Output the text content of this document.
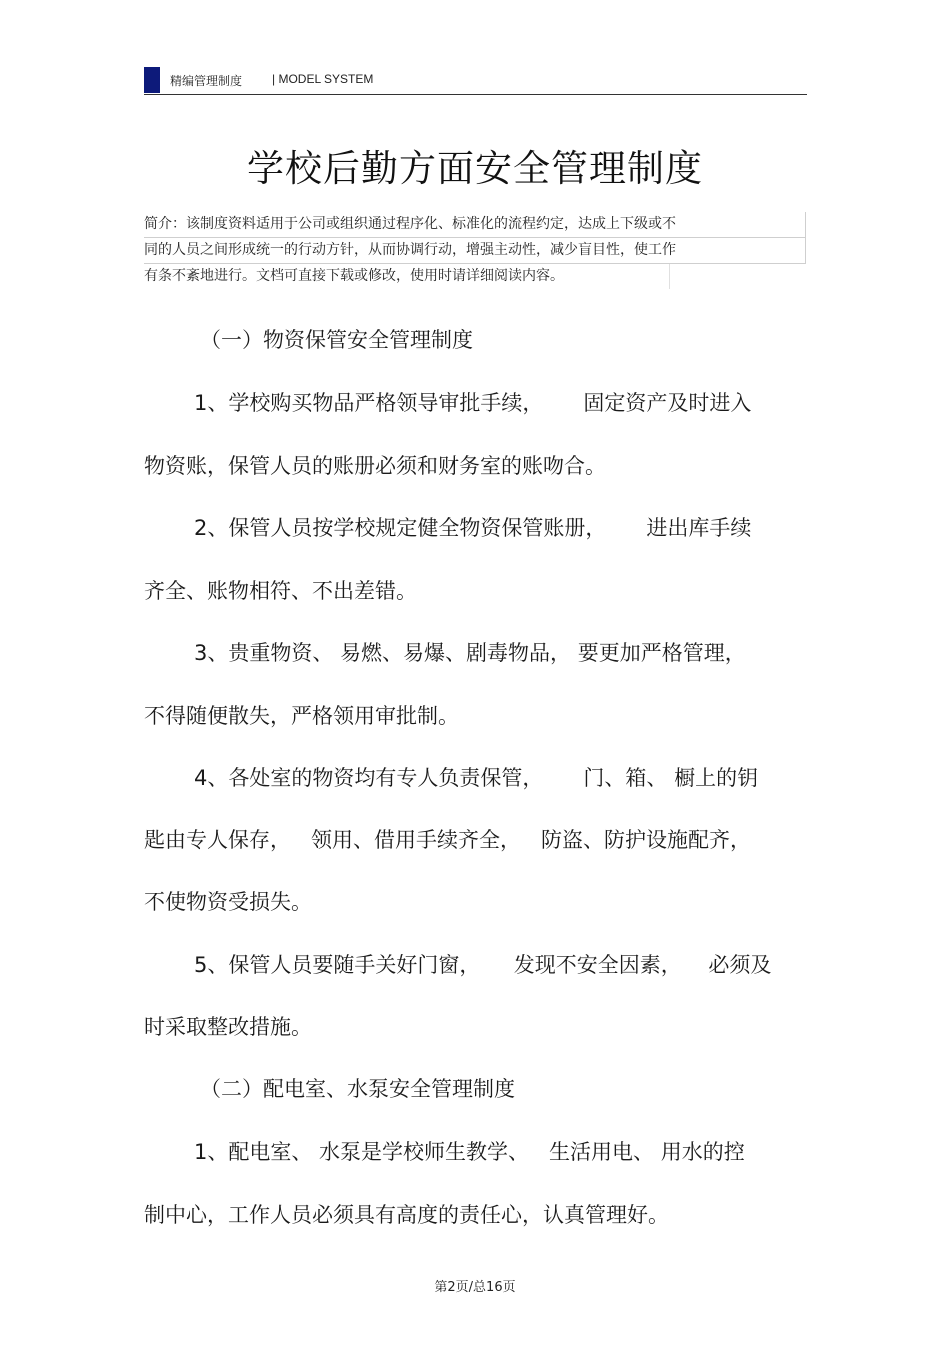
精编管理制度 | MODEL SYSTEM
学校后勤方面安全管理制度
简介：该制度资料适用于公司或组织通过程序化、标准化的流程约定，达成上下级或不
同的人员之间形成统一的行动方针，从而协调行动，增强主动性，减少盲目性，使工作
有条不紊地进行。文档可直接下载或修改，使用时请详细阅读内容。
（一）物资保管安全管理制度
1、学校购买物品严格领导审批手续，      固定资产及时进入
物资账，保管人员的账册必须和财务室的账吻合。
2、保管人员按学校规定健全物资保管账册，      进出库手续
齐全、账物相符、不出差错。
3、贵重物资、 易燃、易爆、剧毒物品， 要更加严格管理，
不得随便散失，严格领用审批制。
4、各处室的物资均有专人负责保管，      门、箱、 橱上的钥
匙由专人保存，   领用、借用手续齐全，   防盗、防护设施配齐，
不使物资受损失。
5、保管人员要随手关好门窗，     发现不安全因素，    必须及
时采取整改措施。
（二）配电室、水泵安全管理制度
1、配电室、 水泵是学校师生教学、   生活用电、 用水的控
制中心，工作人员必须具有高度的责任心，认真管理好。
第2页/总16页
